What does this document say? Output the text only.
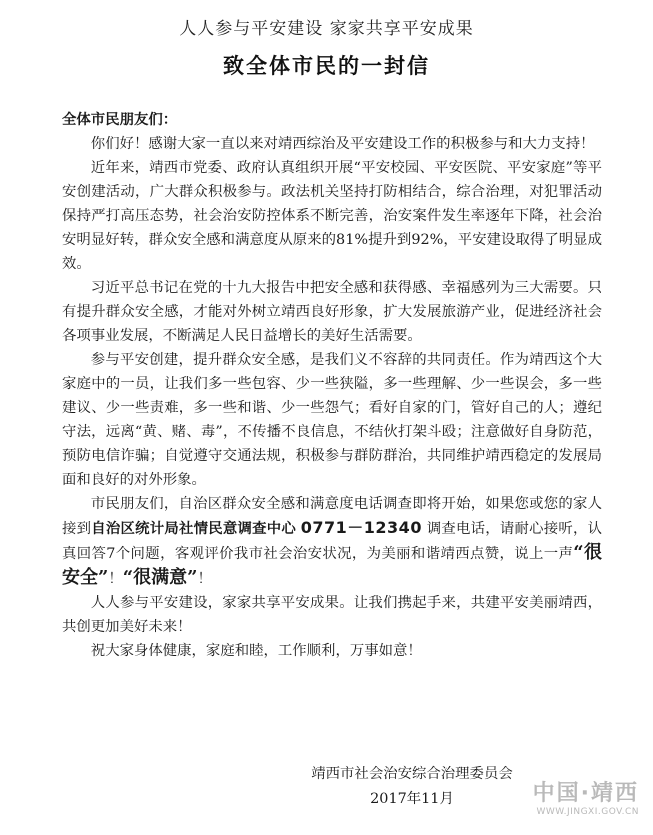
人人参与平安建设 家家共享平安成果
致全体市民的一封信

全体市民朋友们：

你们好！感谢大家一直以来对靖西综治及平安建设工作的积极参与和大力支持！

近年来，靖西市党委、政府认真组织开展“平安校园、平安医院、平安家庭”等平安创建活动，广大群众积极参与。政法机关坚持打防相结合，综合治理，对犯罪活动保持严打高压态势，社会治安防控体系不断完善，治安案件发生率逐年下降，社会治安明显好转，群众安全感和满意度从原来的81%提升到92%，平安建设取得了明显成效。

习近平总书记在党的十九大报告中把安全感和获得感、幸福感列为三大需要。只有提升群众安全感，才能对外树立靖西良好形象，扩大发展旅游产业，促进经济社会各项事业发展，不断满足人民日益增长的美好生活需要。

参与平安创建，提升群众安全感，是我们义不容辞的共同责任。作为靖西这个大家庭中的一员，让我们多一些包容、少一些狭隘，多一些理解、少一些误会，多一些建议、少一些责难，多一些和谐、少一些怨气；看好自家的门，管好自己的人；遵纪守法，远离“黄、赌、毒”，不传播不良信息，不结伙打架斗殴；注意做好自身防范，预防电信诈骗；自觉遵守交通法规，积极参与群防群治，共同维护靖西稳定的发展局面和良好的对外形象。

市民朋友们，自治区群众安全感和满意度电话调查即将开始，如果您或您的家人接到自治区统计局社情民意调查中心 0771－12340 调查电话，请耐心接听，认真回答7个问题，客观评价我市社会治安状况，为美丽和谐靖西点赞，说上一声“很安全”！“很满意”！

人人参与平安建设，家家共享平安成果。让我们携起手来，共建平安美丽靖西，共创更加美好未来！

祝大家身体健康，家庭和睦，工作顺利，万事如意！

靖西市社会治安综合治理委员会
2017年11月	中国·靖西
WWW.JINGXI.GOV.CN
